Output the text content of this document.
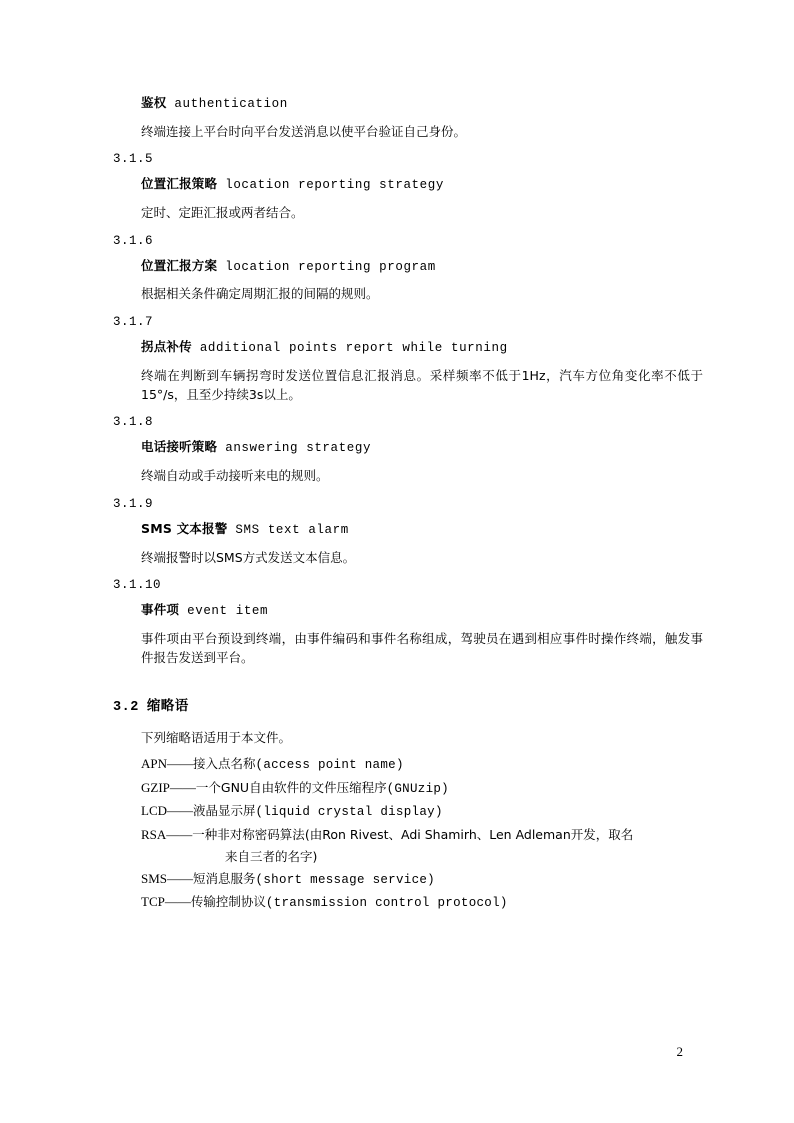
鉴权 authentication
终端连接上平台时向平台发送消息以使平台验证自己身份。
3.1.5
位置汇报策略 location reporting strategy
定时、定距汇报或两者结合。
3.1.6
位置汇报方案 location reporting program
根据相关条件确定周期汇报的间隔的规则。
3.1.7
拐点补传 additional points report while turning
终端在判断到车辆拐弯时发送位置信息汇报消息。采样频率不低于1Hz，汽车方位角变化率不低于15°/s，且至少持续3s以上。
3.1.8
电话接听策略 answering strategy
终端自动或手动接听来电的规则。
3.1.9
SMS 文本报警 SMS text alarm
终端报警时以SMS方式发送文本信息。
3.1.10
事件项 event item
事件项由平台预设到终端，由事件编码和事件名称组成，驾驶员在遇到相应事件时操作终端，触发事件报告发送到平台。
3.2 缩略语
下列缩略语适用于本文件。
APN—— 接入点名称(access point name)
GZIP—— 一个GNU自由软件的文件压缩程序(GNUzip)
LCD—— 液晶显示屏(liquid crystal display)
RSA——一种非对称密码算法(由Ron Rivest、Adi Shamirh、Len Adleman开发，取名
来自三者的名字)
SMS—— 短消息服务(short message service)
TCP—— 传输控制协议(transmission control protocol)
2
